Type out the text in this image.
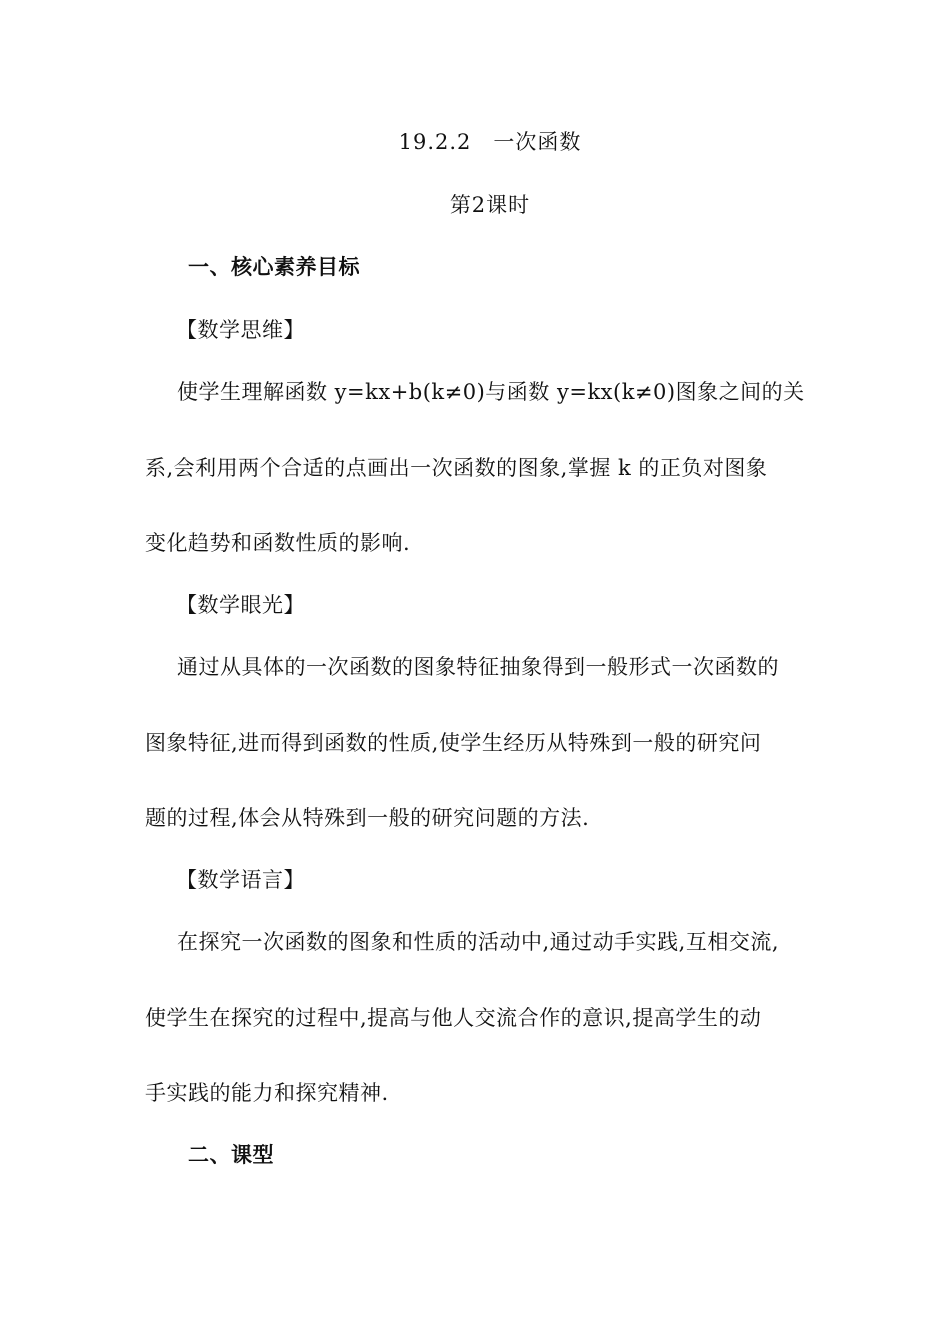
19.2.2　一次函数
第2课时
一、核心素养目标
【数学思维】
使学生理解函数 y=kx+b(k≠0)与函数 y=kx(k≠0)图象之间的关
系,会利用两个合适的点画出一次函数的图象,掌握 k 的正负对图象
变化趋势和函数性质的影响.
【数学眼光】
通过从具体的一次函数的图象特征抽象得到一般形式一次函数的
图象特征,进而得到函数的性质,使学生经历从特殊到一般的研究问
题的过程,体会从特殊到一般的研究问题的方法.
【数学语言】
在探究一次函数的图象和性质的活动中,通过动手实践,互相交流,
使学生在探究的过程中,提高与他人交流合作的意识,提高学生的动
手实践的能力和探究精神.
二、课型
